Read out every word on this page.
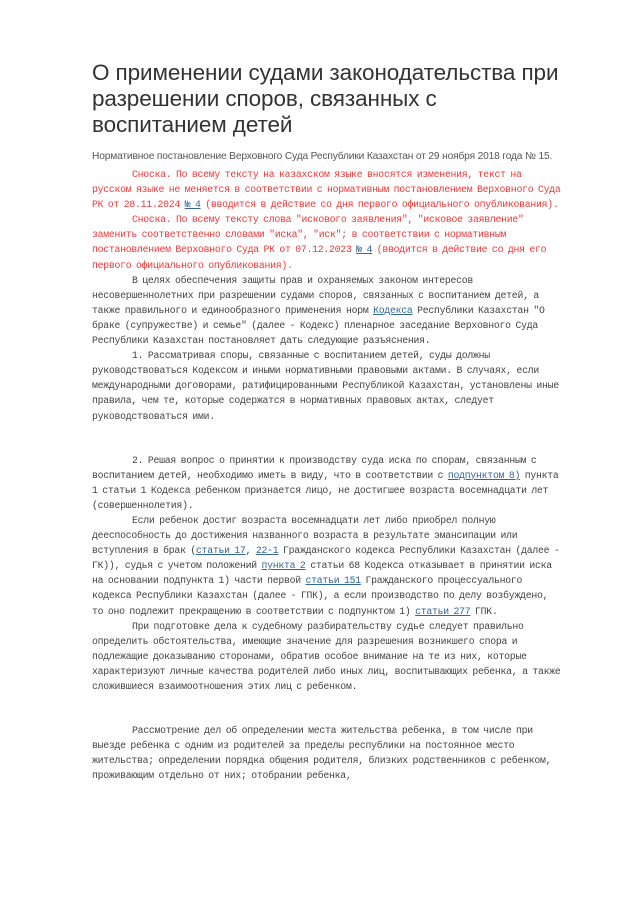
О применении судами законодательства при разрешении споров, связанных с воспитанием детей
Нормативное постановление Верховного Суда Республики Казахстан от 29 ноября 2018 года № 15.

Сноска. По всему тексту на казахском языке вносятся изменения, текст на русском языке не меняется в соответствии с нормативным постановлением Верховного Суда РК от 28.11.2024 № 4 (вводится в действие со дня первого официального опубликования).

Сноска. По всему тексту слова "искового заявления", "исковое заявление" заменить соответственно словами "иска", "иск"; в соответствии с нормативным постановлением Верховного Суда РК от 07.12.2023 № 4 (вводится в действие со дня его первого официального опубликования).

В целях обеспечения защиты прав и охраняемых законом интересов несовершеннолетних при разрешении судами споров, связанных с воспитанием детей, а также правильного и единообразного применения норм Кодекса Республики Казахстан "О браке (супружестве) и семье" (далее - Кодекс) пленарное заседание Верховного Суда Республики Казахстан постановляет дать следующие разъяснения.

1. Рассматривая споры, связанные с воспитанием детей, суды должны руководствоваться Кодексом и иными нормативными правовыми актами. В случаях, если международными договорами, ратифицированными Республикой Казахстан, установлены иные правила, чем те, которые содержатся в нормативных правовых актах, следует руководствоваться ими.

2. Решая вопрос о принятии к производству суда иска по спорам, связанным с воспитанием детей, необходимо иметь в виду, что в соответствии с подпунктом 8) пункта 1 статьи 1 Кодекса ребенком признается лицо, не достигшее возраста восемнадцати лет (совершеннолетия).

Если ребенок достиг возраста восемнадцати лет либо приобрел полную дееспособность до достижения названного возраста в результате эмансипации или вступления в брак (статьи 17, 22-1 Гражданского кодекса Республики Казахстан (далее - ГК)), судья с учетом положений пункта 2 статьи 68 Кодекса отказывает в принятии иска на основании подпункта 1) части первой статьи 151 Гражданского процессуального кодекса Республики Казахстан (далее - ГПК), а если производство по делу возбуждено, то оно подлежит прекращению в соответствии с подпунктом 1) статьи 277 ГПК.

При подготовке дела к судебному разбирательству судье следует правильно определить обстоятельства, имеющие значение для разрешения возникшего спора и подлежащие доказыванию сторонами, обратив особое внимание на те из них, которые характеризуют личные качества родителей либо иных лиц, воспитывающих ребенка, а также сложившиеся взаимоотношения этих лиц с ребенком.

Рассмотрение дел об определении места жительства ребенка, в том числе при выезде ребенка с одним из родителей за пределы республики на постоянное место жительства; определении порядка общения родителя, близких родственников с ребенком, проживающим отдельно от них; отобрании ребенка,
